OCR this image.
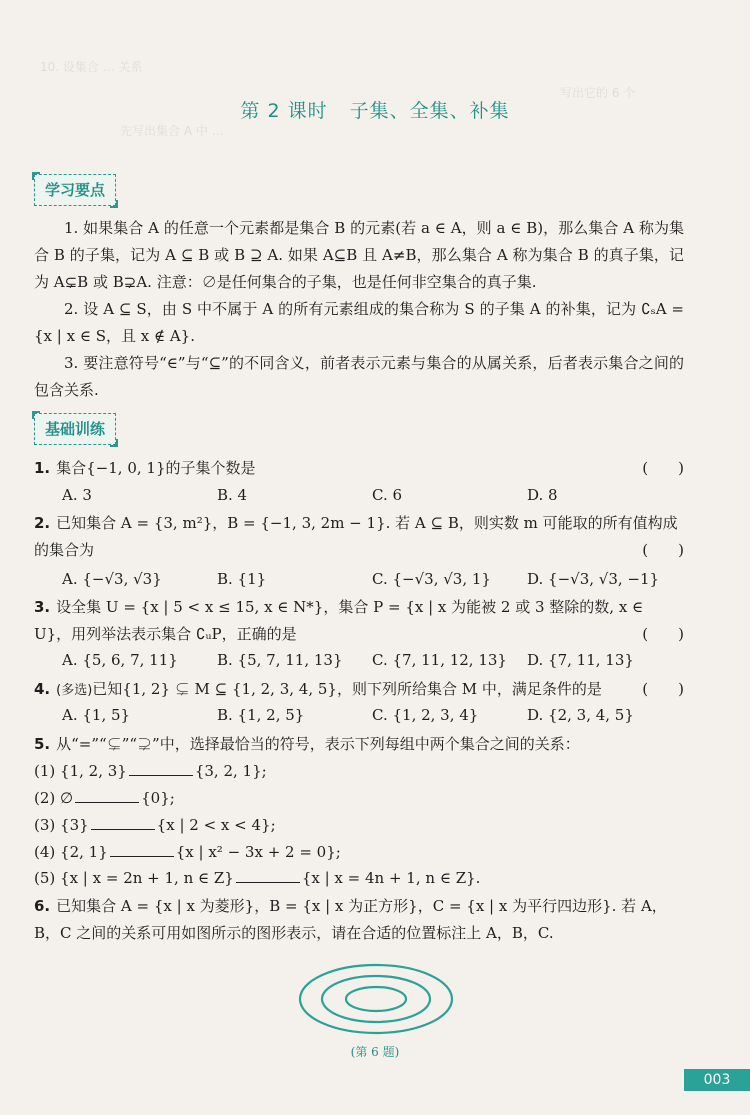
10. 设集合 … 关系
写出它的 6 个
先写出集合 A 中 …
第 2 课时 子集、全集、补集
学习要点

1. 如果集合 A 的任意一个元素都是集合 B 的元素(若 a ∈ A，则 a ∈ B)，那么集合 A 称为集合 B 的子集，记为 A ⊆ B 或 B ⊇ A. 如果 A⊆B 且 A≠B，那么集合 A 称为集合 B 的真子集，记为 A⊊B 或 B⊋A. 注意：∅是任何集合的子集，也是任何非空集合的真子集.

2. 设 A ⊆ S，由 S 中不属于 A 的所有元素组成的集合称为 S 的子集 A 的补集，记为 ∁ₛA = {x | x ∈ S，且 x ∉ A}.

3. 要注意符号“∈”与“⊆”的不同含义，前者表示元素与集合的从属关系，后者表示集合之间的包含关系.

基础训练
1. 集合{−1, 0, 1}的子集个数是	(　　)
A. 3	B. 4	C. 6	D. 8
2. 已知集合 A = {3, m²}，B = {−1, 3, 2m − 1}. 若 A ⊆ B，则实数 m 可能取的所有值构成的集合为	(　　)
A. {−√3, √3}	B. {1}	C. {−√3, √3, 1} D. {−√3, √3, −1}
3. 设全集 U = {x | 5 < x ≤ 15, x ∈ N*}，集合 P = {x | x 为能被 2 或 3 整除的数, x ∈ U}，用列举法表示集合 ∁ᵤP，正确的是	(　　)
A. {5, 6, 7, 11}	B. {5, 7, 11, 13} C. {7, 11, 12, 13} D. {7, 11, 13}
4. (多选)已知{1, 2} ⊊ M ⊆ {1, 2, 3, 4, 5}，则下列所给集合 M 中，满足条件的是	(　　)
A. {1, 5}	B. {1, 2, 5}	C. {1, 2, 3, 4}	D. {2, 3, 4, 5}
5. 从“=”“⊊”“⊋”中，选择最恰当的符号，表示下列每组中两个集合之间的关系：
(1) {1, 2, 3}	{3, 2, 1};
(2) ∅	{0};
(3) {3}	{x | 2 < x < 4};
(4) {2, 1}	{x | x² − 3x + 2 = 0};
(5) {x | x = 2n + 1, n ∈ Z}	{x | x = 4n + 1, n ∈ Z}.
6. 已知集合 A = {x | x 为菱形}，B = {x | x 为正方形}，C = {x | x 为平行四边形}. 若 A，B，C 之间的关系可用如图所示的图形表示，请在合适的位置标注上 A，B，C.
(第 6 题)
003
